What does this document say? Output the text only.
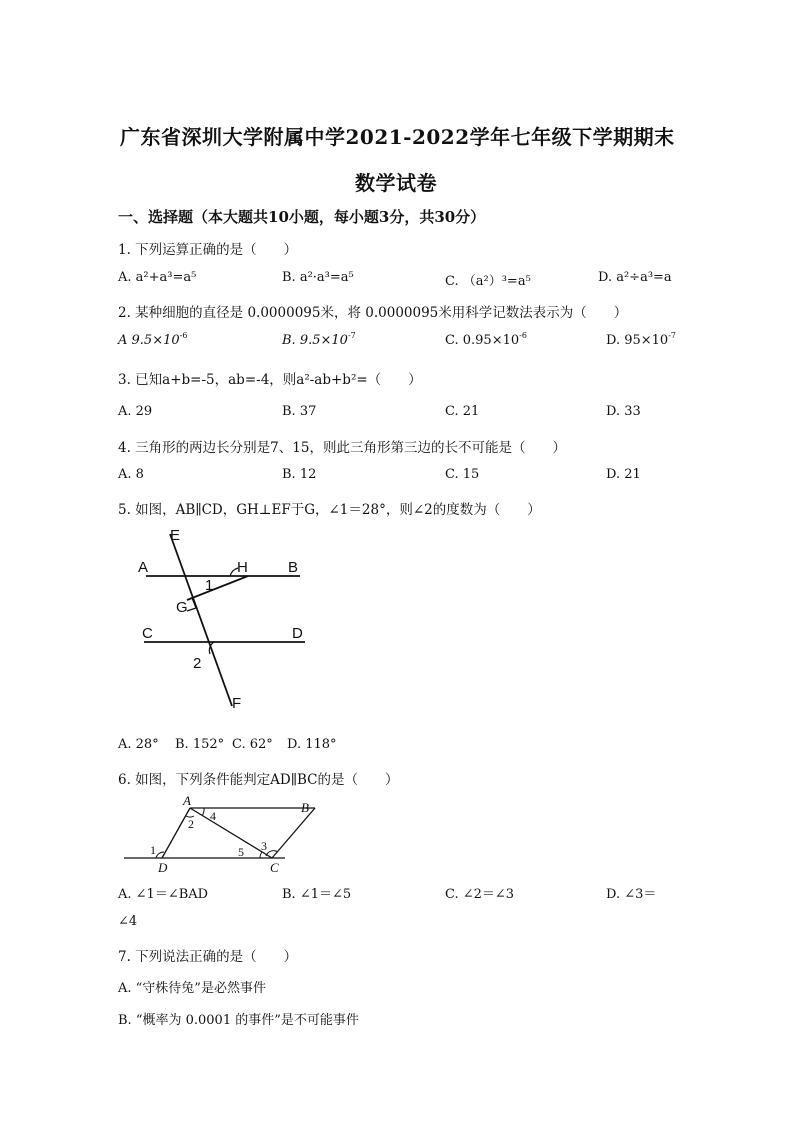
广东省深圳大学附属中学2021-2022学年七年级下学期期末
数学试卷
一、选择题（本大题共10小题，每小题3分，共30分）
1. 下列运算正确的是（　　）
A. a²+a³=a⁵	B. a²·a³=a⁵	C. （a²）³=a⁵	D. a²÷a³=a
2. 某种细胞的直径是 0.0000095米，将 0.0000095米用科学记数法表示为（　　）
A $9.5\times 10^{-6}$	B. $9.5\times 10^{-7}$	C. $0.95\times 10^{-6}$	D. $95\times 10^{-7}$
3. 已知a+b=-5，ab=-4，则a²-ab+b²=（　　）
A. 29	B. 37	C. 21	D. 33
4. 三角形的两边长分别是7、15，则此三角形第三边的长不可能是（　　）
A. 8	B. 12	C. 15	D. 21
5. 如图，AB∥CD，GH⊥EF于G，∠1＝28°，则∠2的度数为（　　）
E
A	H	B
1
G
C	D
2
F
A. 28° B. 152° C. 62° D. 118°
6. 如图，下列条件能判定AD∥BC的是（　　）
A	B
D	C
4
2
3
1	5
A. ∠1＝∠BAD	B. ∠1＝∠5	C. ∠2＝∠3	D. ∠3＝
∠4
7. 下列说法正确的是（　　）
A. “守株待兔”是必然事件
B. “概率为 0.0001 的事件”是不可能事件
